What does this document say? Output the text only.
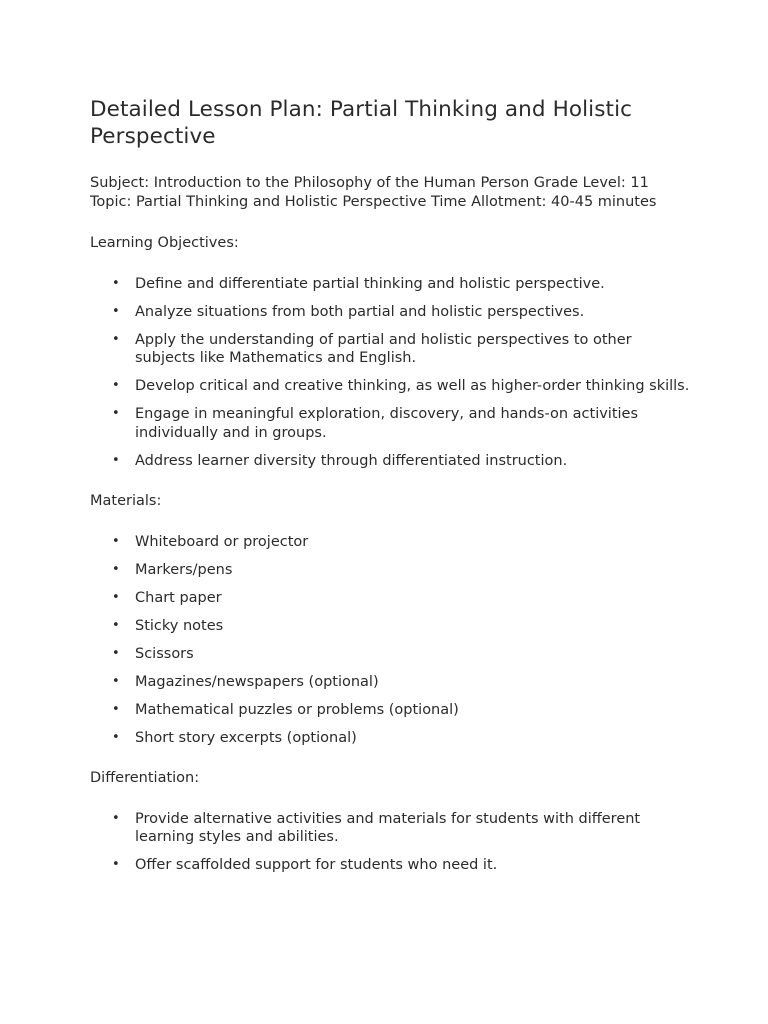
Detailed Lesson Plan: Partial Thinking and Holistic Perspective

Subject: Introduction to the Philosophy of the Human Person Grade Level: 11 Topic: Partial Thinking and Holistic Perspective Time Allotment: 40-45 minutes

Learning Objectives:

• Define and differentiate partial thinking and holistic perspective.
• Analyze situations from both partial and holistic perspectives.
• Apply the understanding of partial and holistic perspectives to other subjects like Mathematics and English.
• Develop critical and creative thinking, as well as higher-order thinking skills.
• Engage in meaningful exploration, discovery, and hands-on activities individually and in groups.
• Address learner diversity through differentiated instruction.

Materials:

• Whiteboard or projector
• Markers/pens
• Chart paper
• Sticky notes
• Scissors
• Magazines/newspapers (optional)
• Mathematical puzzles or problems (optional)
• Short story excerpts (optional)

Differentiation:

• Provide alternative activities and materials for students with different learning styles and abilities.
• Offer scaffolded support for students who need it.
